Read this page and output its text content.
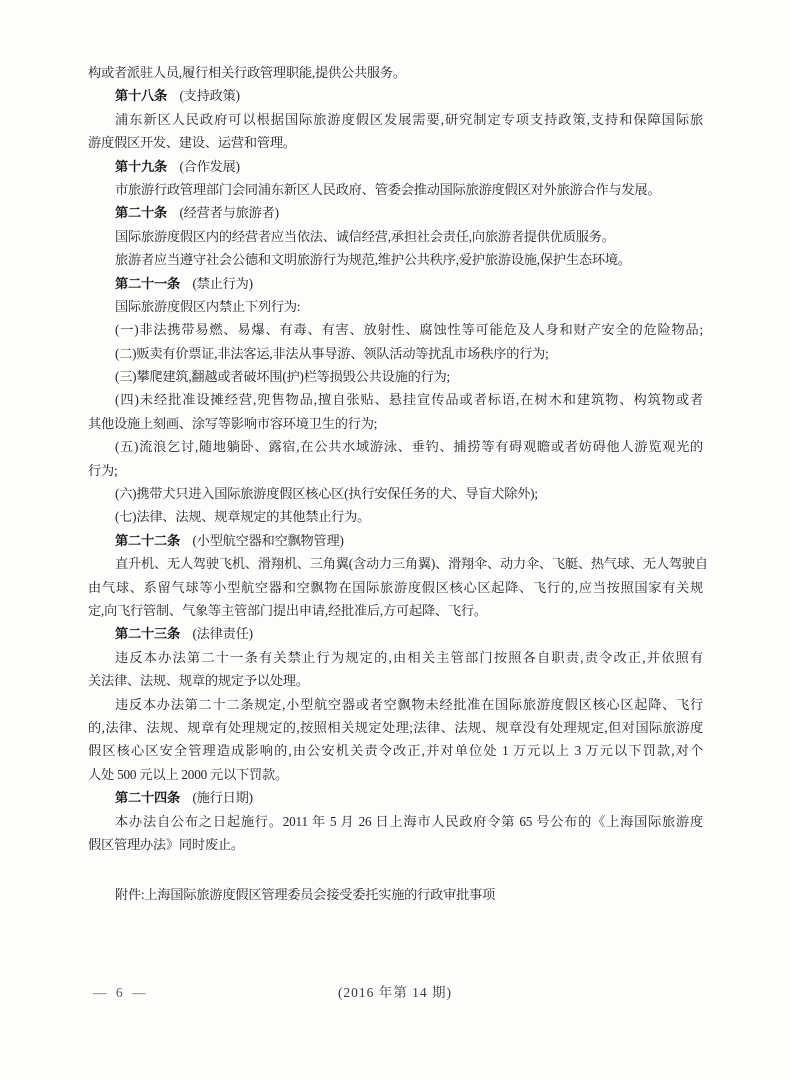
构或者派驻人员,履行相关行政管理职能,提供公共服务。
第十八条 (支持政策)
浦东新区人民政府可以根据国际旅游度假区发展需要,研究制定专项支持政策,支持和保障国际旅
游度假区开发、建设、运营和管理。
第十九条 (合作发展)
市旅游行政管理部门会同浦东新区人民政府、管委会推动国际旅游度假区对外旅游合作与发展。
第二十条 (经营者与旅游者)
国际旅游度假区内的经营者应当依法、诚信经营,承担社会责任,向旅游者提供优质服务。
旅游者应当遵守社会公德和文明旅游行为规范,维护公共秩序,爱护旅游设施,保护生态环境。
第二十一条 (禁止行为)
国际旅游度假区内禁止下列行为:
(一)非法携带易燃、易爆、有毒、有害、放射性、腐蚀性等可能危及人身和财产安全的危险物品;
(二)贩卖有价票证,非法客运,非法从事导游、领队活动等扰乱市场秩序的行为;
(三)攀爬建筑,翻越或者破坏围(护)栏等损毁公共设施的行为;
(四)未经批准设摊经营,兜售物品,擅自张贴、悬挂宣传品或者标语,在树木和建筑物、构筑物或者
其他设施上刻画、涂写等影响市容环境卫生的行为;
(五)流浪乞讨,随地躺卧、露宿,在公共水域游泳、垂钓、捕捞等有碍观瞻或者妨碍他人游览观光的
行为;
(六)携带犬只进入国际旅游度假区核心区(执行安保任务的犬、导盲犬除外);
(七)法律、法规、规章规定的其他禁止行为。
第二十二条 (小型航空器和空飘物管理)
直升机、无人驾驶飞机、滑翔机、三角翼(含动力三角翼)、滑翔伞、动力伞、飞艇、热气球、无人驾驶自
由气球、系留气球等小型航空器和空飘物在国际旅游度假区核心区起降、飞行的,应当按照国家有关规
定,向飞行管制、气象等主管部门提出申请,经批准后,方可起降、飞行。
第二十三条 (法律责任)
违反本办法第二十一条有关禁止行为规定的,由相关主管部门按照各自职责,责令改正,并依照有
关法律、法规、规章的规定予以处理。
违反本办法第二十二条规定,小型航空器或者空飘物未经批准在国际旅游度假区核心区起降、飞行
的,法律、法规、规章有处理规定的,按照相关规定处理;法律、法规、规章没有处理规定,但对国际旅游度
假区核心区安全管理造成影响的,由公安机关责令改正,并对单位处 1 万元以上 3 万元以下罚款,对个
人处 500 元以上 2000 元以下罚款。
第二十四条 (施行日期)
本办法自公布之日起施行。2011 年 5 月 26 日上海市人民政府令第 65 号公布的《上海国际旅游度
假区管理办法》同时废止。
附件:上海国际旅游度假区管理委员会接受委托实施的行政审批事项
— 6 —	(2016 年第 14 期)
